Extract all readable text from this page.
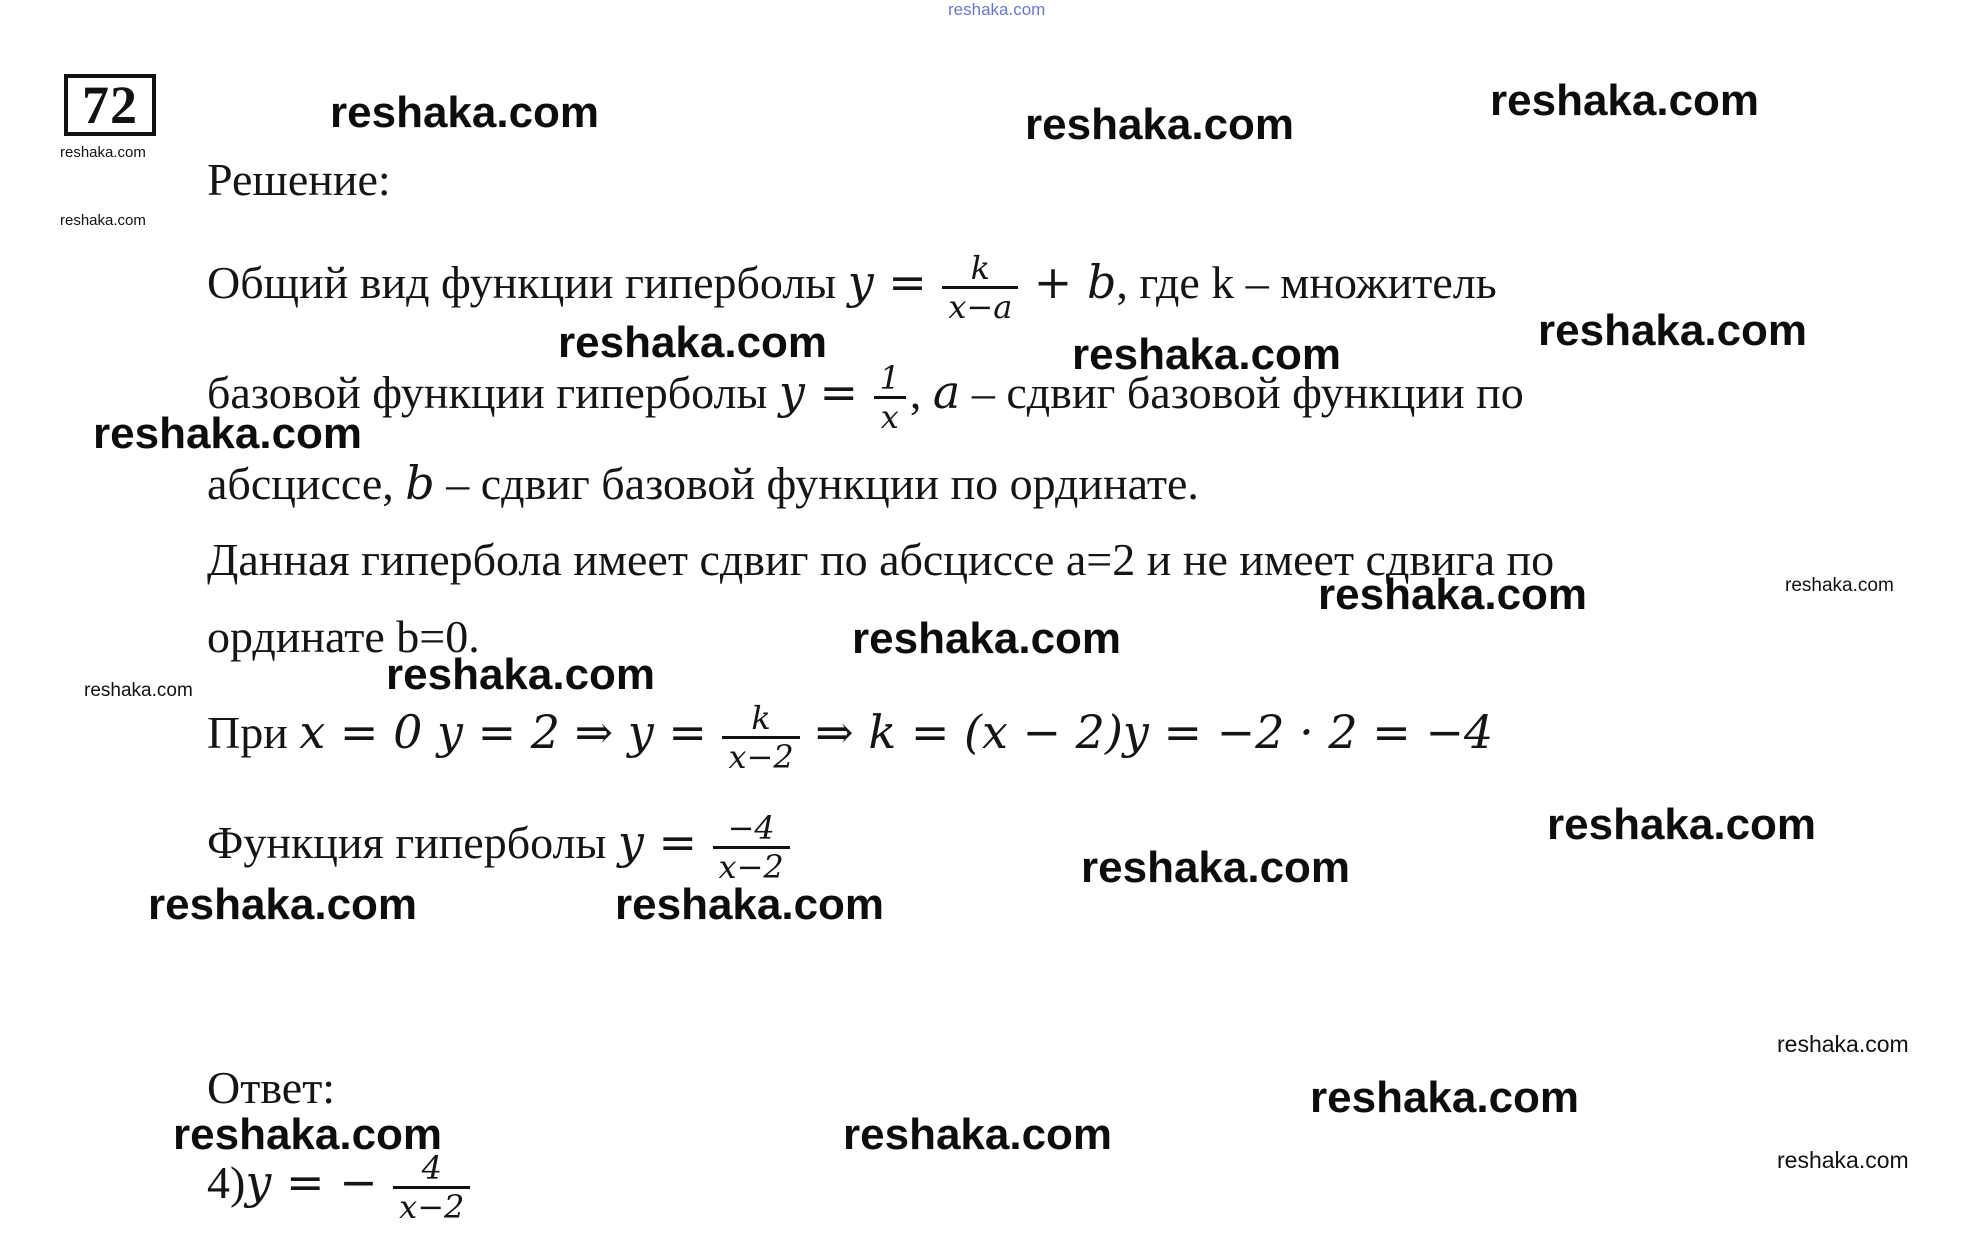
reshaka.com
72
Решение:
Общий вид функции гиперболы $y = \frac{k}{x-a} + b$, где k – множитель
базовой функции гиперболы $y = \frac{1}{x}$ , a – сдвиг базовой функции по
абсциссе, b – сдвиг базовой функции по ординате.
Данная гипербола имеет сдвиг по абсциссе a=2 и не имеет сдвига по
ординате b=0.
При x = 0 y = 2 ⇒ $y = \frac{k}{x-2}$ ⇒ k = (x − 2)y = −2 · 2 = −4
Функция гиперболы $y = \frac{-4}{x-2}$
Ответ:
4)y = − $\frac{4}{x-2}$
reshaka.com	reshaka.com	reshaka.com
reshaka.com	reshaka.com	reshaka.com
reshaka.com
reshaka.com
reshaka.com
reshaka.com
reshaka.com
reshaka.com
reshaka.com	reshaka.com
reshaka.com
reshaka.com	reshaka.com
reshaka.com
reshaka.com
reshaka.com
reshaka.com
reshaka.com
reshaka.com
